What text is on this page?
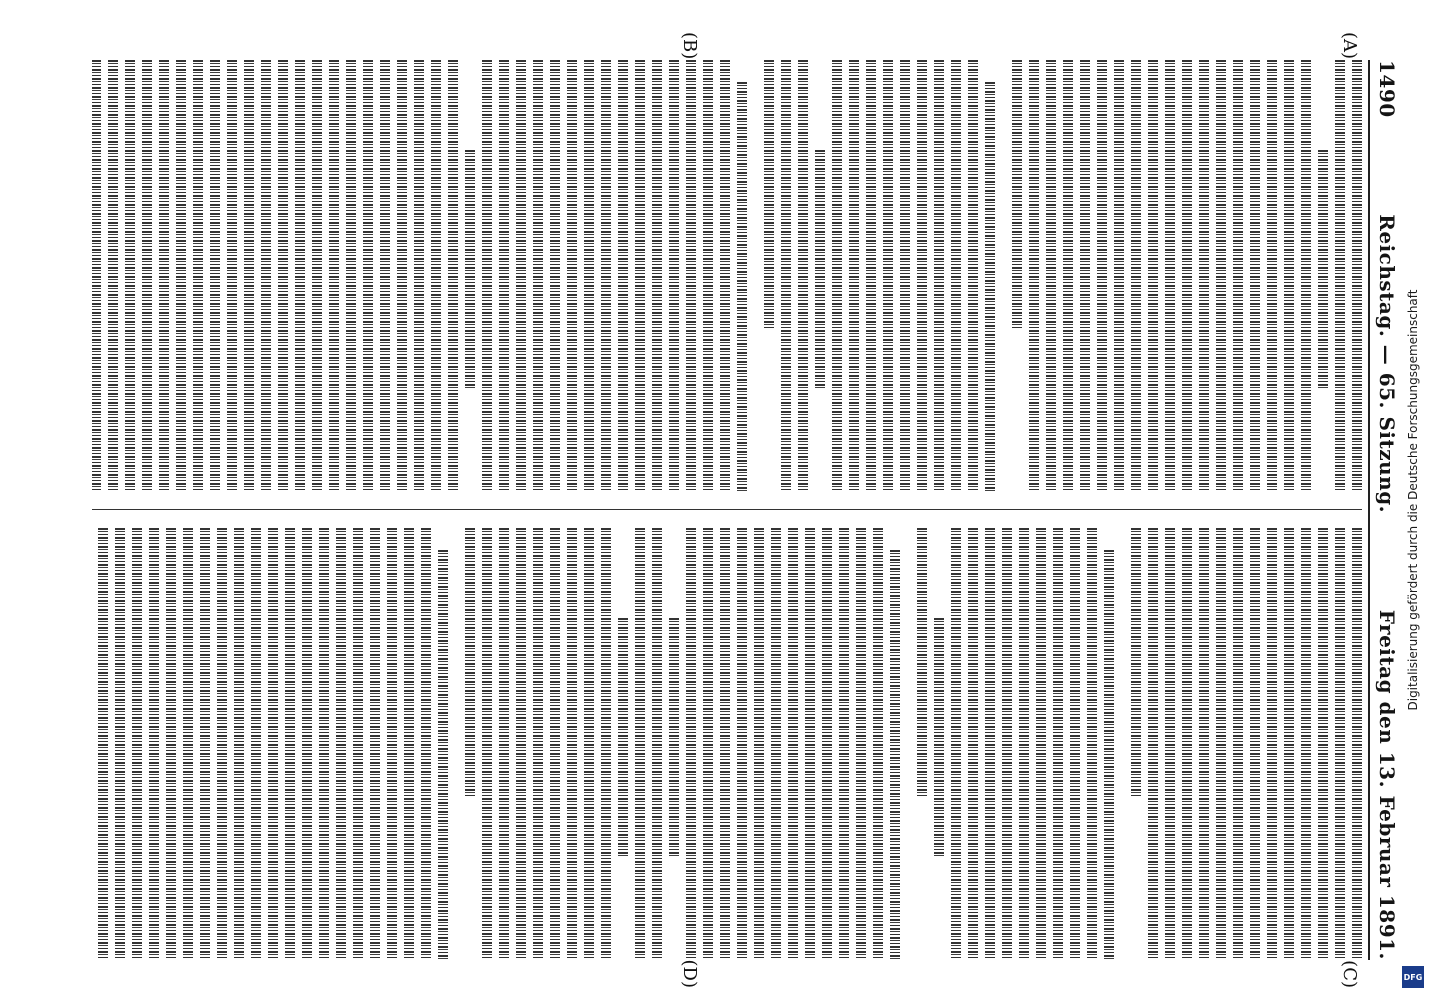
1490
Reichstag. — 65. Sitzung.
Freitag den 13. Februar 1891.
(A)
(B)
(C)
(D)
Digitalisierung gefördert durch die Deutsche Forschungsgemeinschaft
DFG
